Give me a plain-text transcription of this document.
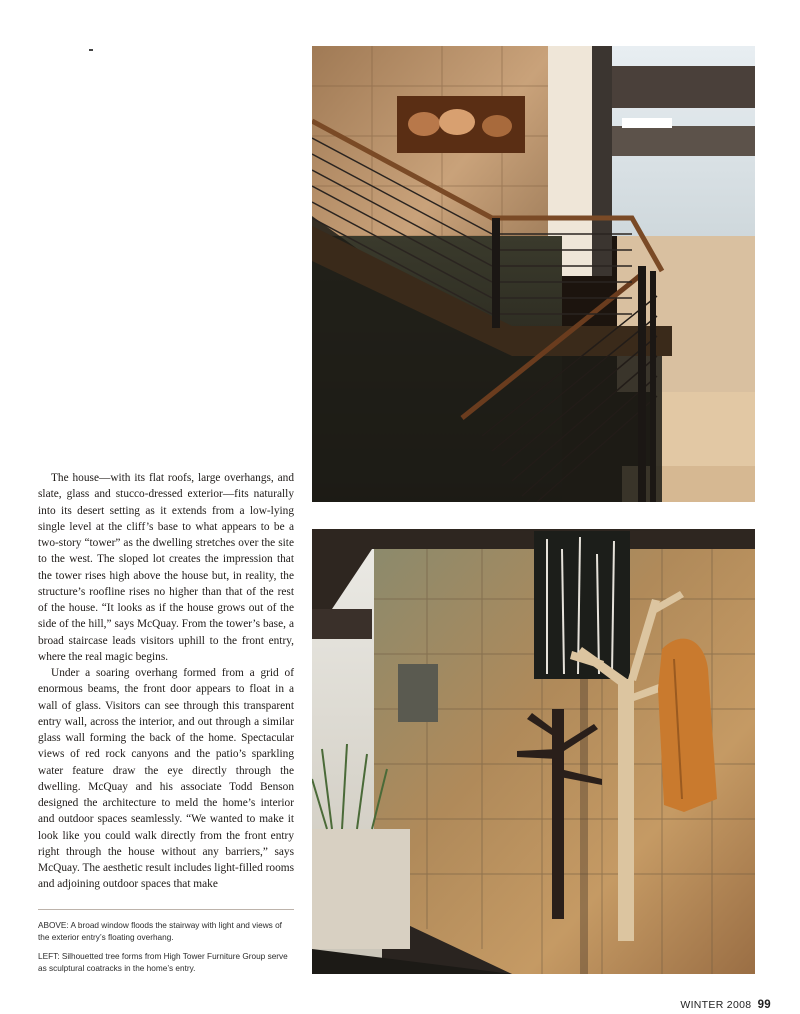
The house—with its flat roofs, large overhangs, and slate, glass and stucco-dressed exterior—fits naturally into its desert setting as it extends from a low-lying single level at the cliff’s base to what appears to be a two-story “tower” as the dwelling stretches over the site to the west. The sloped lot creates the impression that the tower rises high above the house but, in reality, the structure’s roofline rises no higher than that of the rest of the house. “It looks as if the house grows out of the side of the hill,” says McQuay. From the tower’s base, a broad staircase leads visitors uphill to the front entry, where the real magic begins.

Under a soaring overhang formed from a grid of enormous beams, the front door appears to float in a wall of glass. Visitors can see through this transparent entry wall, across the interior, and out through a similar glass wall forming the back of the home. Spectacular views of red rock canyons and the patio’s sparkling water feature draw the eye directly through the dwelling. McQuay and his associate Todd Benson designed the architecture to meld the home’s interior and outdoor spaces seamlessly. “We wanted to make it look like you could walk directly from the front entry right through the house without any barriers,” says McQuay. The aesthetic result includes light-filled rooms and adjoining outdoor spaces that make

ABOVE: A broad window floods the stairway with light and views of the exterior entry’s floating overhang.
LEFT: Silhouetted tree forms from High Tower Furniture Group serve as sculptural coatracks in the home’s entry.
WINTER 2008 99
